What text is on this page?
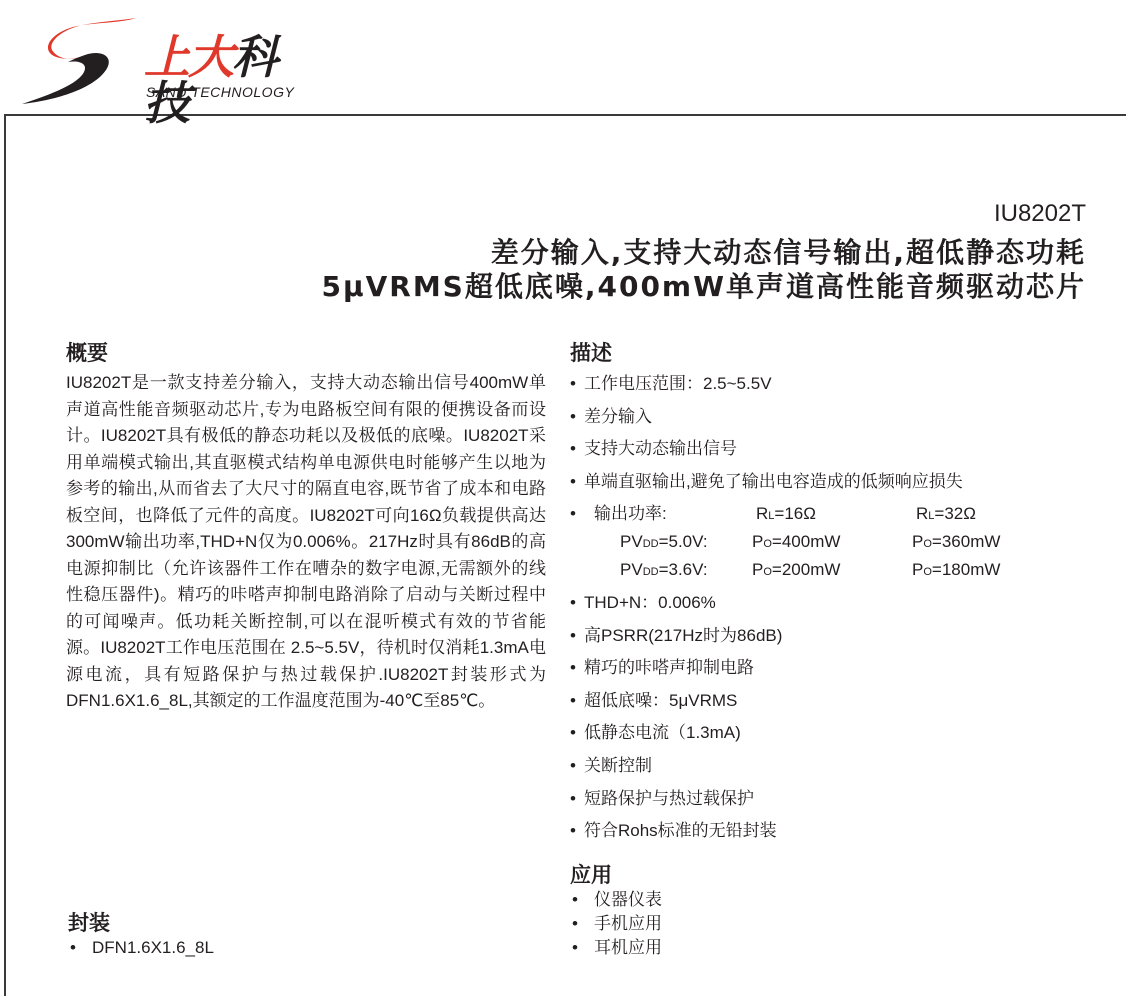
上大科技
SAND TECHNOLOGY
IU8202T
差分输入,支持大动态信号输出,超低静态功耗
5μVRMS超低底噪,400mW单声道高性能音频驱动芯片
概要
IU8202T是一款支持差分输入，支持大动态输出信号400mW单声道高性能音频驱动芯片,专为电路板空间有限的便携设备而设计。IU8202T具有极低的静态功耗以及极低的底噪。IU8202T采用单端模式输出,其直驱模式结构单电源供电时能够产生以地为参考的输出,从而省去了大尺寸的隔直电容,既节省了成本和电路板空间，也降低了元件的高度。IU8202T可向16Ω负载提供高达300mW输出功率,THD+N仅为0.006%。217Hz时具有86dB的高电源抑制比（允许该器件工作在嘈杂的数字电源,无需额外的线性稳压器件)。精巧的咔嗒声抑制电路消除了启动与关断过程中的可闻噪声。低功耗关断控制,可以在混听模式有效的节省能源。IU8202T工作电压范围在 2.5~5.5V，待机时仅消耗1.3mA电源电流，具有短路保护与热过载保护.IU8202T封装形式为DFN1.6X1.6_8L,其额定的工作温度范围为-40℃至85℃。
描述
• 工作电压范围：2.5~5.5V
• 差分输入
• 支持大动态输出信号
• 单端直驱输出,避免了输出电容造成的低频响应损失
• 输出功率:	RL=16Ω	RL=32Ω
PVDD=5.0V:	PO=400mW	PO=360mW
PVDD=3.6V:	PO=200mW	PO=180mW
• THD+N：0.006%
• 高PSRR(217Hz时为86dB)
• 精巧的咔嗒声抑制电路
• 超低底噪：5μVRMS
• 低静态电流（1.3mA)
• 关断控制
• 短路保护与热过载保护
• 符合Rohs标准的无铅封装
应用
• 仪器仪表
• 手机应用
• 耳机应用
封装
• DFN1.6X1.6_8L
